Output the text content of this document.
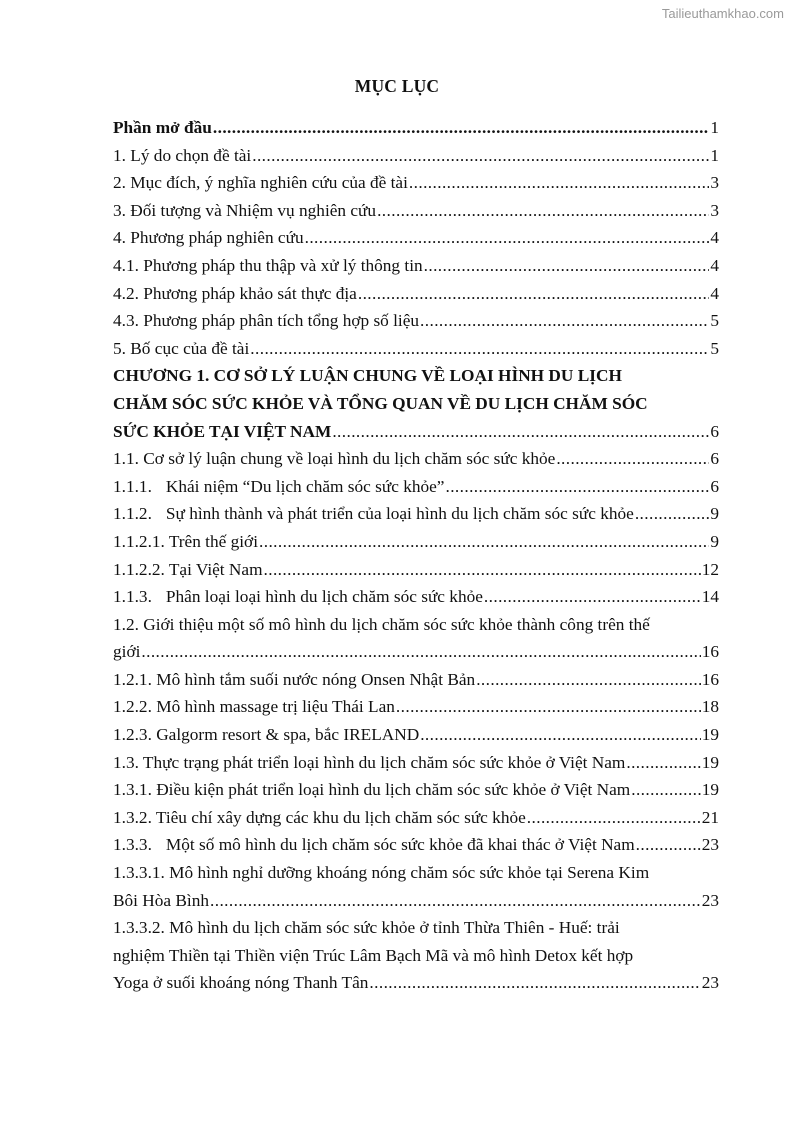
Tailieuthamkhao.com
MỤC LỤC
Phần mở đầu .....	1
1. Lý do chọn đề tài .....	1
2. Mục đích, ý nghĩa nghiên cứu của đề tài .....	3
3. Đối tượng và Nhiệm vụ nghiên cứu .....	3
4. Phương pháp nghiên cứu .....	4
4.1. Phương pháp thu thập và xử lý thông tin .....	4
4.2. Phương pháp khảo sát thực địa .....	4
4.3. Phương pháp phân tích tổng hợp số liệu .....	5
5. Bố cục của đề tài .....	5
CHƯƠNG 1. CƠ SỞ LÝ LUẬN CHUNG VỀ LOẠI HÌNH DU LỊCH
CHĂM SÓC SỨC KHỎE VÀ TỔNG QUAN VỀ DU LỊCH CHĂM SÓC
SỨC KHỎE TẠI VIỆT NAM .....	6
1.1. Cơ sở lý luận chung về loại hình du lịch chăm sóc sức khỏe .....	6
1.1.1. Khái niệm “Du lịch chăm sóc sức khỏe” .....	6
1.1.2. Sự hình thành và phát triển của loại hình du lịch chăm sóc sức khỏe .....	9
1.1.2.1. Trên thế giới .....	9
1.1.2.2. Tại Việt Nam .....	12
1.1.3. Phân loại loại hình du lịch chăm sóc sức khỏe .....	14
1.2. Giới thiệu một số mô hình du lịch chăm sóc sức khỏe thành công trên thế
giới .....	16
1.2.1. Mô hình tắm suối nước nóng Onsen Nhật Bản .....	16
1.2.2. Mô hình massage trị liệu Thái Lan .....	18
1.2.3. Galgorm resort & spa, bắc IRELAND .....	19
1.3. Thực trạng phát triển loại hình du lịch chăm sóc sức khỏe ở Việt Nam .....	19
1.3.1. Điều kiện phát triển loại hình du lịch chăm sóc sức khỏe ở Việt Nam .....	19
1.3.2. Tiêu chí xây dựng các khu du lịch chăm sóc sức khỏe .....	21
1.3.3. Một số mô hình du lịch chăm sóc sức khỏe đã khai thác ở Việt Nam .....	23
1.3.3.1. Mô hình nghỉ dưỡng khoáng nóng chăm sóc sức khỏe tại Serena Kim
Bôi Hòa Bình .....	23
1.3.3.2. Mô hình du lịch chăm sóc sức khỏe ở tỉnh Thừa Thiên - Huế: trải
nghiệm Thiền tại Thiền viện Trúc Lâm Bạch Mã và mô hình Detox kết hợp
Yoga ở suối khoáng nóng Thanh Tân .....	23
